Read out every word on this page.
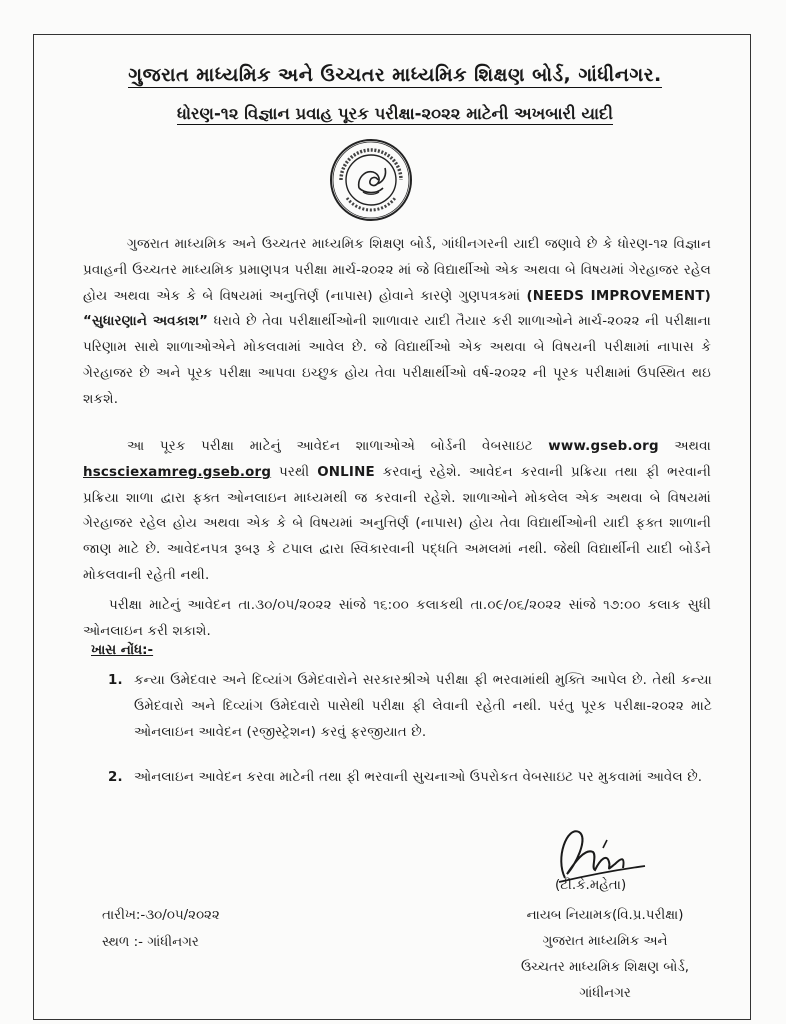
ગુજરાત માધ્યમિક અને ઉચ્ચતર માધ્યમિક શિક્ષણ બોર્ડ, ગાંધીનગર.
ધોરણ-૧૨ વિજ્ઞાન પ્રવાહ પૂરક પરીક્ષા-૨૦૨૨ માટેની અખબારી યાદી
ગુજરાત માધ્યમિક અને ઉચ્ચતર માધ્યમિક શિક્ષણ બોર્ડ, ગાંધીનગરની યાદી જણાવે છે કે ધોરણ-૧૨ વિજ્ઞાન પ્રવાહની ઉચ્ચતર માધ્યમિક પ્રમાણપત્ર પરીક્ષા માર્ચ-૨૦૨૨ માં જે વિદ્યાર્થીઓ એક અથવા બે વિષયમાં ગેરહાજર રહેલ હોય અથવા એક કે બે વિષયમાં અનુત્તિર્ણ (નાપાસ) હોવાને કારણે ગુણપત્રકમાં (NEEDS IMPROVEMENT) “સુધારણાને અવકાશ” ધરાવે છે તેવા પરીક્ષાર્થીઓની શાળાવાર યાદી તૈયાર કરી શાળાઓને માર્ચ-૨૦૨૨ ની પરીક્ષાના પરિણામ સાથે શાળાઓએને મોકલવામાં આવેલ છે. જે વિદ્યાર્થીઓ એક અથવા બે વિષયની પરીક્ષામાં નાપાસ કે ગેરહાજર છે અને પૂરક પરીક્ષા આપવા ઇચ્છુક હોય તેવા પરીક્ષાર્થીઓ વર્ષ-૨૦૨૨ ની પૂરક પરીક્ષામાં ઉપસ્થિત થઇ શકશે.
આ પૂરક પરીક્ષા માટેનું આવેદન શાળાઓએ બોર્ડની વેબસાઇટ www.gseb.org અથવા hscsciexamreg.gseb.org પરથી ONLINE કરવાનું રહેશે. આવેદન કરવાની પ્રક્રિયા તથા ફી ભરવાની પ્રક્રિયા શાળા દ્વારા ફક્ત ઓનલાઇન માધ્યમથી જ કરવાની રહેશે. શાળાઓને મોકલેલ એક અથવા બે વિષયમાં ગેરહાજર રહેલ હોય અથવા એક કે બે વિષયમાં અનુત્તિર્ણ (નાપાસ) હોય તેવા વિદ્યાર્થીઓની યાદી ફક્ત શાળાની જાણ માટે છે. આવેદનપત્ર રૂબરૂ કે ટપાલ દ્વારા સ્વિકારવાની પદ્ધતિ અમલમાં નથી. જેથી વિદ્યાર્થીની યાદી બોર્ડને મોકલવાની રહેતી નથી.
પરીક્ષા માટેનું આવેદન તા.૩૦/૦૫/૨૦૨૨ સાંજે ૧૬:૦૦ કલાકથી તા.૦૯/૦૬/૨૦૨૨ સાંજે ૧૭:૦૦ કલાક સુધી ઓનલાઇન કરી શકાશે.
ખાસ નોંધ:-
1. કન્યા ઉમેદવાર અને દિવ્યાંગ ઉમેદવારોને સરકારશ્રીએ પરીક્ષા ફી ભરવામાંથી મુક્તિ આપેલ છે. તેથી કન્યા ઉમેદવારો અને દિવ્યાંગ ઉમેદવારો પાસેથી પરીક્ષા ફી લેવાની રહેતી નથી. પરંતુ પૂરક પરીક્ષા-૨૦૨૨ માટે ઓનલાઇન આવેદન (રજીસ્ટ્રેશન) કરવું ફરજીયાત છે.
2. ઓનલાઇન આવેદન કરવા માટેની તથા ફી ભરવાની સુચનાઓ ઉપરોકત વેબસાઇટ પર મુકવામાં આવેલ છે.
(ટી.કે.મહેતા)
તારીખ:-૩૦/૦૫/૨૦૨૨
સ્થળ :- ગાંધીનગર
નાયબ નિયામક(વિ.પ્ર.પરીક્ષા)
ગુજરાત માધ્યમિક અને
ઉચ્ચતર માધ્યમિક શિક્ષણ બોર્ડ,
ગાંધીનગર
